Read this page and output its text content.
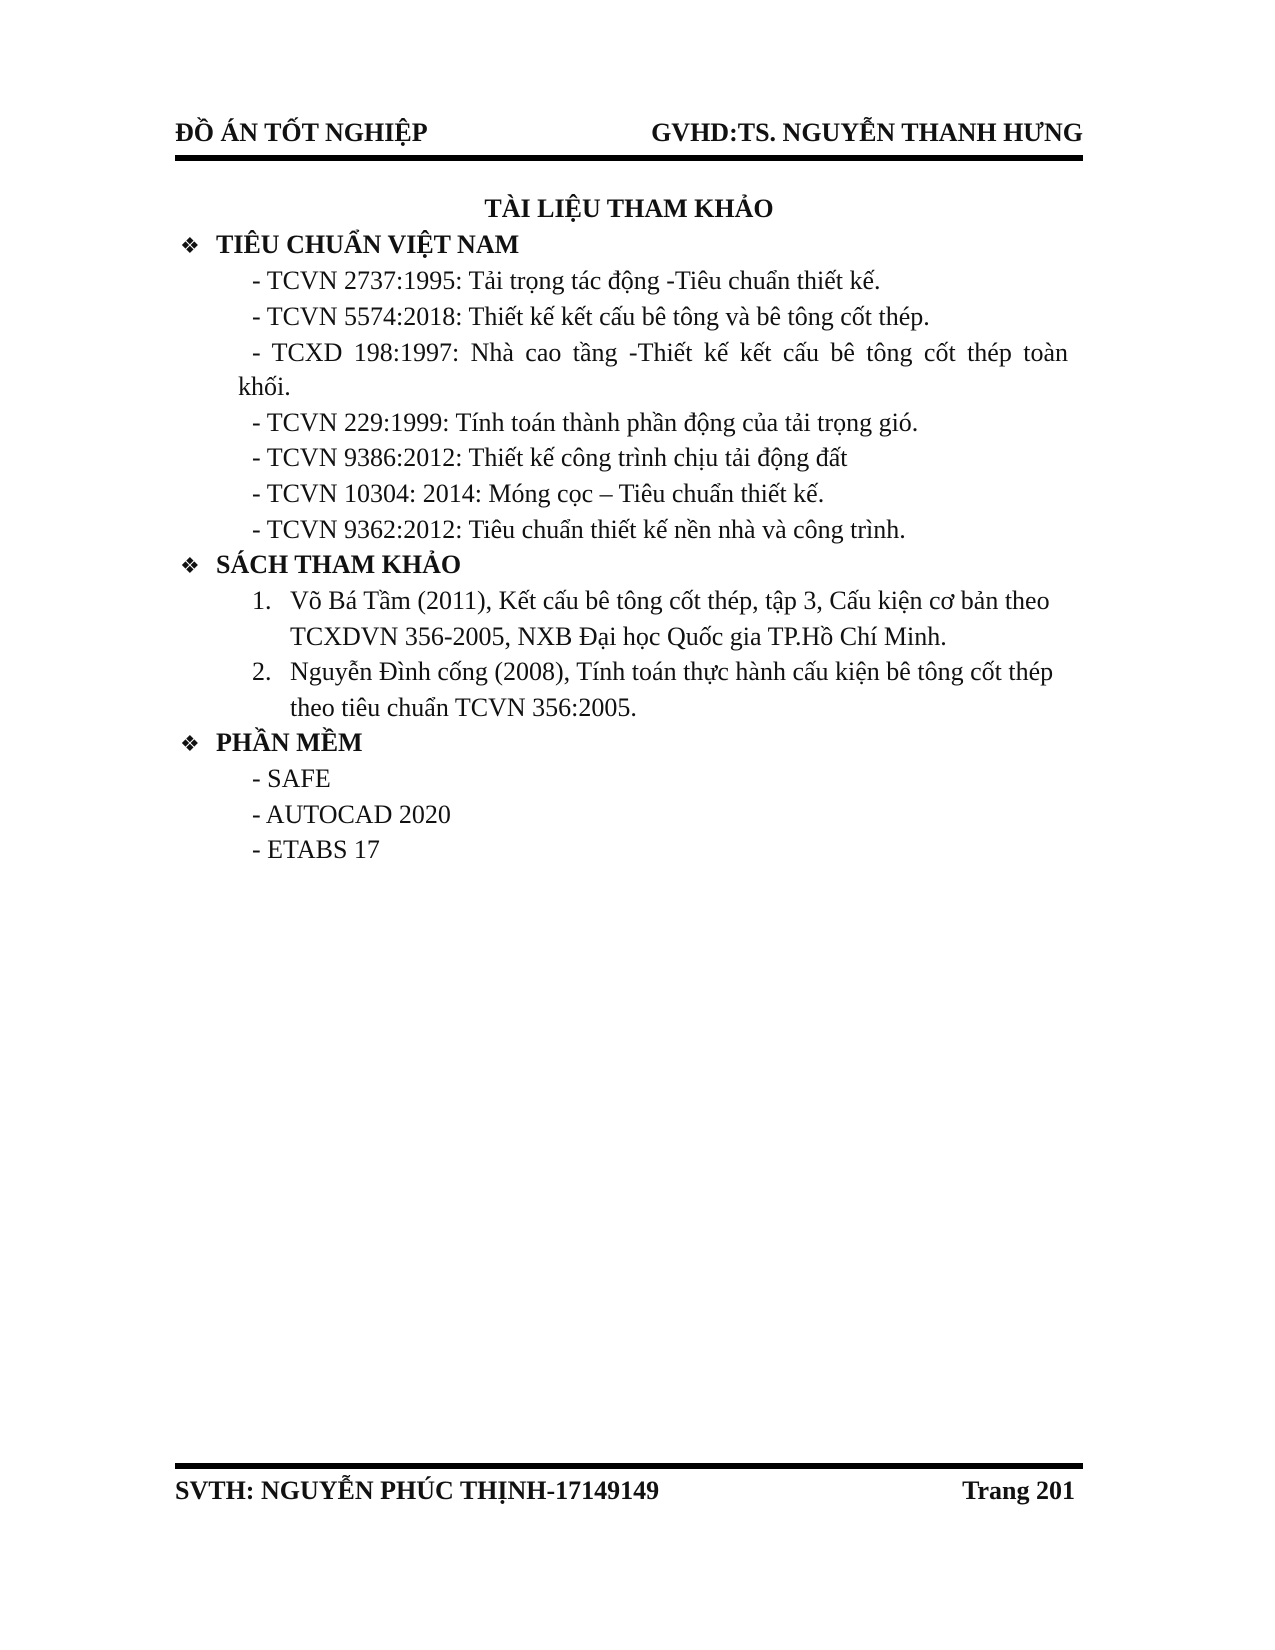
ĐỒ ÁN TỐT NGHIỆP	GVHD:TS. NGUYỄN THANH HƯNG
TÀI LIỆU THAM KHẢO
❖ TIÊU CHUẨN VIỆT NAM
- TCVN 2737:1995: Tải trọng tác động -Tiêu chuẩn thiết kế.
- TCVN 5574:2018: Thiết kế kết cấu bê tông và bê tông cốt thép.
- TCXD 198:1997: Nhà cao tầng -Thiết kế kết cấu bê tông cốt thép toàn
khối.
- TCVN 229:1999: Tính toán thành phần động của tải trọng gió.
- TCVN 9386:2012: Thiết kế công trình chịu tải động đất
- TCVN 10304: 2014: Móng cọc – Tiêu chuẩn thiết kế.
- TCVN 9362:2012: Tiêu chuẩn thiết kế nền nhà và công trình.
❖ SÁCH THAM KHẢO
1. Võ Bá Tầm (2011), Kết cấu bê tông cốt thép, tập 3, Cấu kiện cơ bản theo
TCXDVN 356-2005, NXB Đại học Quốc gia TP.Hồ Chí Minh.
2. Nguyễn Đình cống (2008), Tính toán thực hành cấu kiện bê tông cốt thép
theo tiêu chuẩn TCVN 356:2005.
❖ PHẦN MỀM
- SAFE
- AUTOCAD 2020
- ETABS 17
SVTH: NGUYỄN PHÚC THỊNH-17149149	Trang 201
